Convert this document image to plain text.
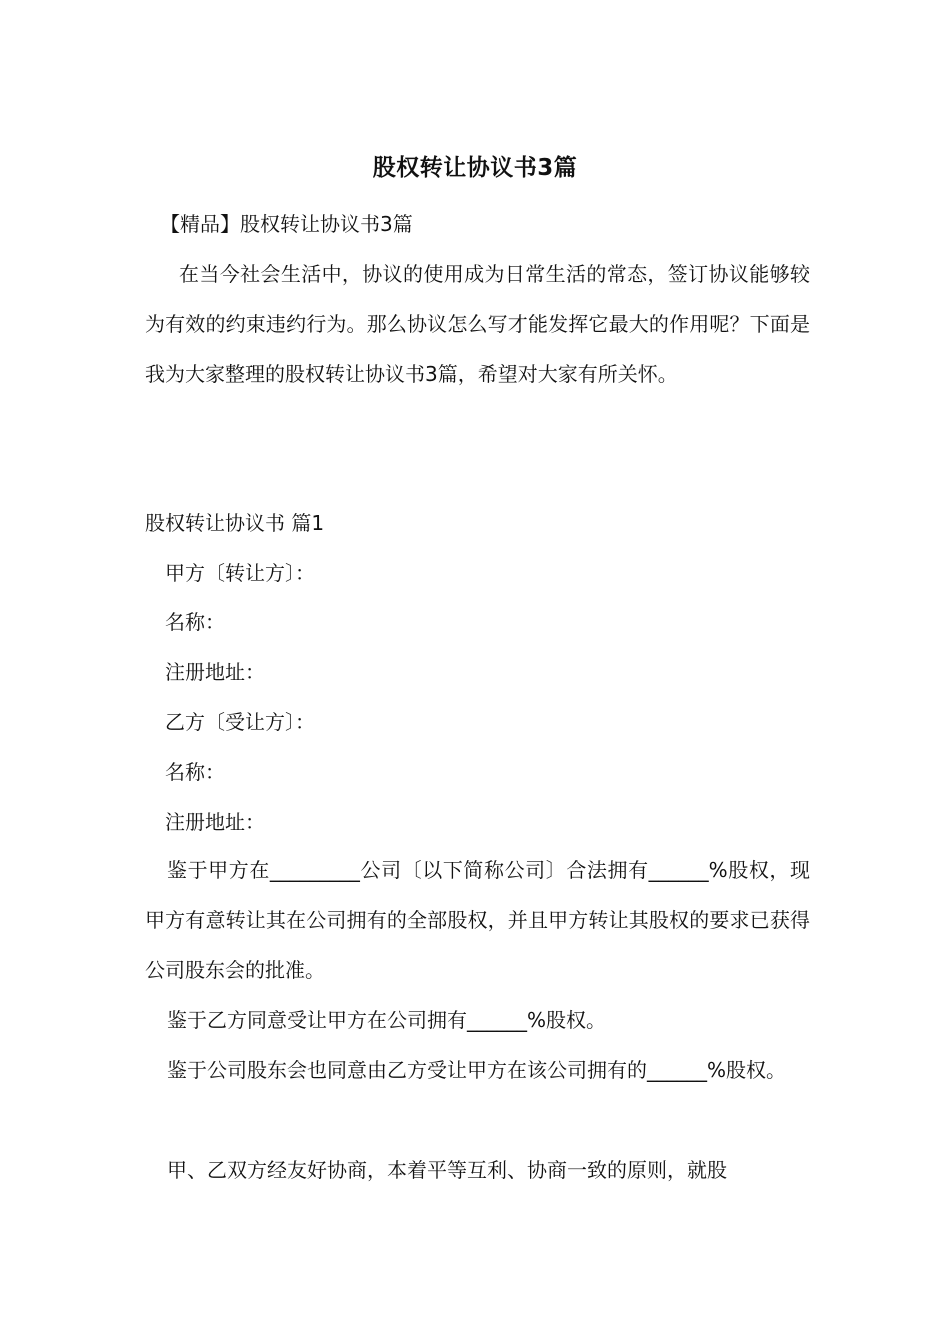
股权转让协议书3篇
【精品】股权转让协议书3篇
在当今社会生活中，协议的使用成为日常生活的常态，签订协议能够较为有效的约束违约行为。那么协议怎么写才能发挥它最大的作用呢？下面是我为大家整理的股权转让协议书3篇，希望对大家有所关怀。
股权转让协议书 篇1
甲方〔转让方〕：
名称：
注册地址：
乙方〔受让方〕：
名称：
注册地址：
鉴于甲方在_________公司〔以下简称公司〕合法拥有______%股权，现甲方有意转让其在公司拥有的全部股权，并且甲方转让其股权的要求已获得公司股东会的批准。
鉴于乙方同意受让甲方在公司拥有______%股权。
鉴于公司股东会也同意由乙方受让甲方在该公司拥有的______%股权。
甲、乙双方经友好协商，本着平等互利、协商一致的原则，就股
